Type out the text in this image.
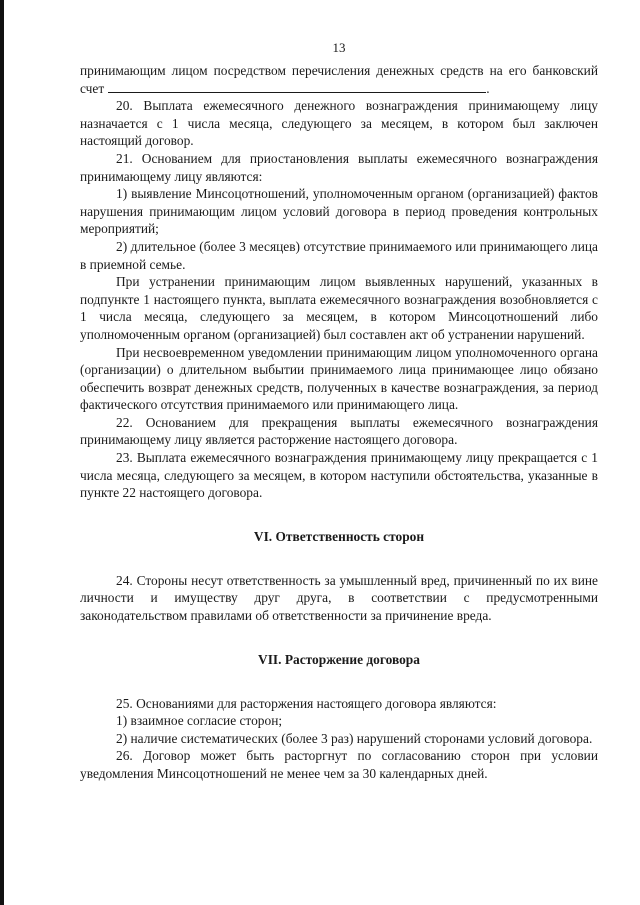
13

принимающим лицом посредством перечисления денежных средств на его банковский счет	.

20. Выплата ежемесячного денежного вознаграждения принимающему лицу назначается с 1 числа месяца, следующего за месяцем, в котором был заключен настоящий договор.

21. Основанием для приостановления выплаты ежемесячного вознаграждения принимающему лицу являются:

1) выявление Минсоцотношений, уполномоченным органом (организацией) фактов нарушения принимающим лицом условий договора в период проведения контрольных мероприятий;

2) длительное (более 3 месяцев) отсутствие принимаемого или принимающего лица в приемной семье.

При устранении принимающим лицом выявленных нарушений, указанных в подпункте 1 настоящего пункта, выплата ежемесячного вознаграждения возобновляется с 1 числа месяца, следующего за месяцем, в котором Минсоцотношений либо уполномоченным органом (организацией) был составлен акт об устранении нарушений.

При несвоевременном уведомлении принимающим лицом уполномоченного органа (организации) о длительном выбытии принимаемого лица принимающее лицо обязано обеспечить возврат денежных средств, полученных в качестве вознаграждения, за период фактического отсутствия принимаемого или принимающего лица.

22. Основанием для прекращения выплаты ежемесячного вознаграждения принимающему лицу является расторжение настоящего договора.

23. Выплата ежемесячного вознаграждения принимающему лицу прекращается с 1 числа месяца, следующего за месяцем, в котором наступили обстоятельства, указанные в пункте 22 настоящего договора.

VI. Ответственность сторон

24. Стороны несут ответственность за умышленный вред, причиненный по их вине личности и имуществу друг друга, в соответствии с предусмотренными законодательством правилами об ответственности за причинение вреда.

VII. Расторжение договора

25. Основаниями для расторжения настоящего договора являются:

1) взаимное согласие сторон;

2) наличие систематических (более 3 раз) нарушений сторонами условий договора.

26. Договор может быть расторгнут по согласованию сторон при условии уведомления Минсоцотношений не менее чем за 30 календарных дней.
